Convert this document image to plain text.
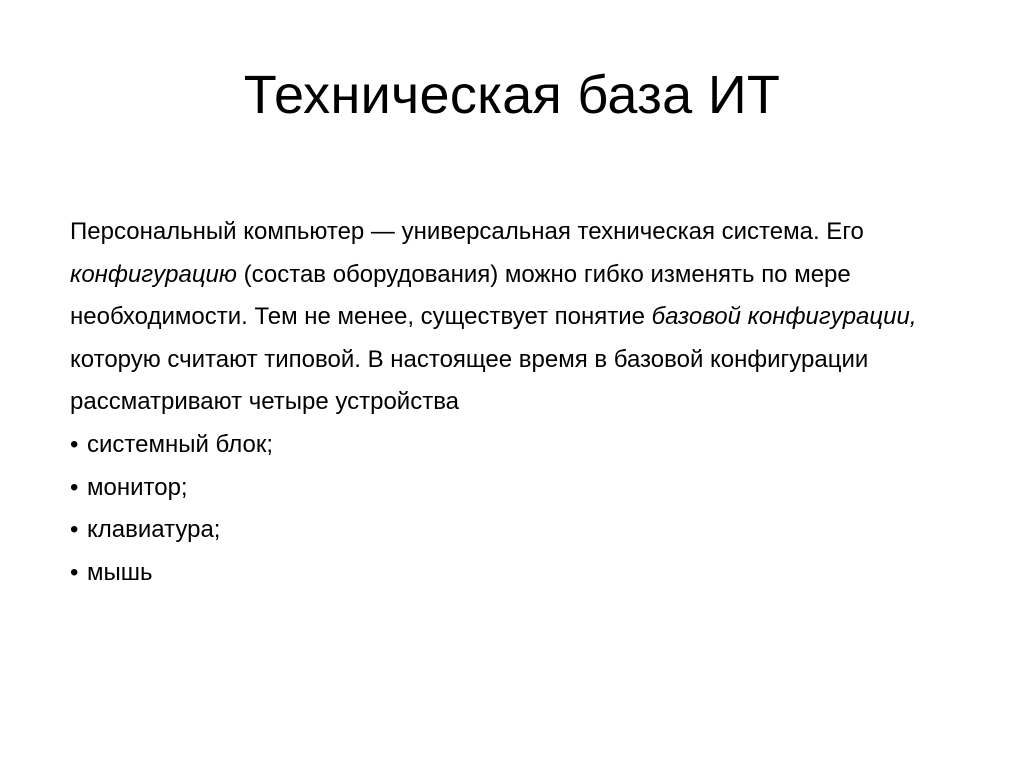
Техническая база ИТ

Персональный компьютер — универсальная техническая система. Его конфигурацию (состав оборудования) можно гибко изменять по мере необходимости. Тем не менее, существует понятие базовой конфигурации, которую считают типовой. В настоящее время в базовой конфигурации рассматривают четыре устройства

• системный блок;
• монитор;
• клавиатура;
• мышь
